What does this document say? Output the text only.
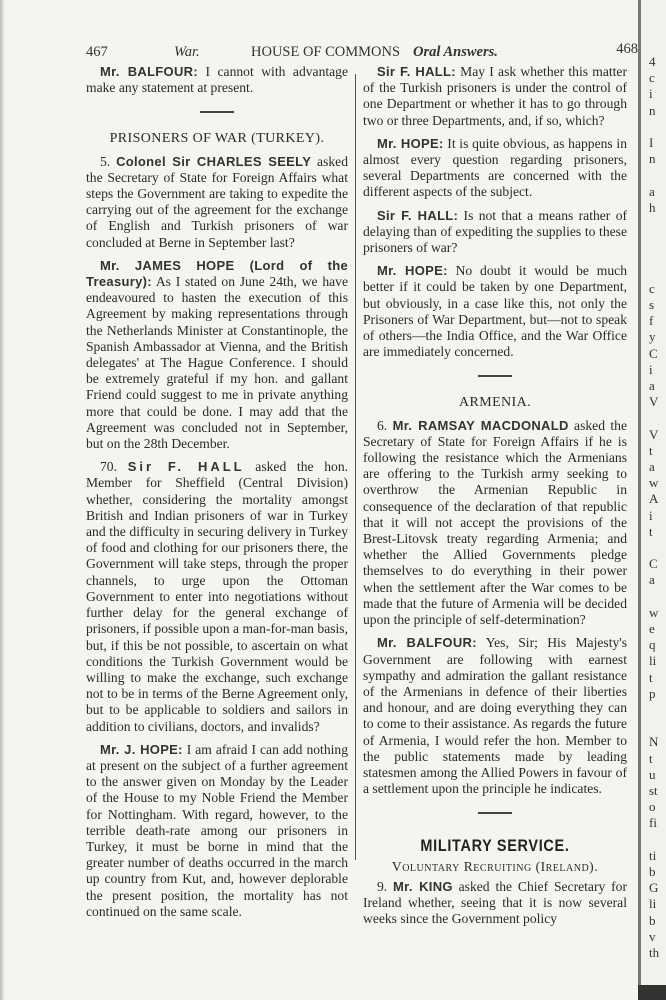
467	War.	HOUSE OF COMMONS Oral Answers.	468

Mr. BALFOUR: I cannot with advantage make any statement at present.

PRISONERS OF WAR (TURKEY).

5. Colonel Sir CHARLES SEELY asked the Secretary of State for Foreign Affairs what steps the Government are taking to expedite the carrying out of the agreement for the exchange of English and Turkish prisoners of war concluded at Berne in September last?

Mr. JAMES HOPE (Lord of the Treasury): As I stated on June 24th, we have endeavoured to hasten the execution of this Agreement by making representations through the Netherlands Minister at Constantinople, the Spanish Ambassador at Vienna, and the British delegates' at The Hague Conference. I should be extremely grateful if my hon. and gallant Friend could suggest to me in private anything more that could be done. I may add that the Agreement was concluded not in September, but on the 28th December.

70. Sir F. HALL asked the hon. Member for Sheffield (Central Division) whether, considering the mortality amongst British and Indian prisoners of war in Turkey and the difficulty in securing delivery in Turkey of food and clothing for our prisoners there, the Government will take steps, through the proper channels, to urge upon the Ottoman Government to enter into negotiations without further delay for the general exchange of prisoners, if possible upon a man-for-man basis, but, if this be not possible, to ascertain on what conditions the Turkish Government would be willing to make the exchange, such exchange not to be in terms of the Berne Agreement only, but to be applicable to soldiers and sailors in addition to civilians, doctors, and invalids?

Mr. J. HOPE: I am afraid I can add nothing at present on the subject of a further agreement to the answer given on Monday by the Leader of the House to my Noble Friend the Member for Nottingham. With regard, however, to the terrible death-rate among our prisoners in Turkey, it must be borne in mind that the greater number of deaths occurred in the march up country from Kut, and, however deplorable the present position, the mortality has not continued on the same scale.

Sir F. HALL: May I ask whether this matter of the Turkish prisoners is under the control of one Department or whether it has to go through two or three Departments, and, if so, which?

Mr. HOPE: It is quite obvious, as happens in almost every question regarding prisoners, several Departments are concerned with the different aspects of the subject.

Sir F. HALL: Is not that a means rather of delaying than of expediting the supplies to these prisoners of war?

Mr. HOPE: No doubt it would be much better if it could be taken by one Department, but obviously, in a case like this, not only the Prisoners of War Department, but—not to speak of others—the India Office, and the War Office are immediately concerned.

ARMENIA.

6. Mr. RAMSAY MACDONALD asked the Secretary of State for Foreign Affairs if he is following the resistance which the Armenians are offering to the Turkish army seeking to overthrow the Armenian Republic in consequence of the declaration of that republic that it will not accept the provisions of the Brest-Litovsk treaty regarding Armenia; and whether the Allied Governments pledge themselves to do everything in their power when the settlement after the War comes to be made that the future of Armenia will be decided upon the principle of self-determination?

Mr. BALFOUR: Yes, Sir; His Majesty's Government are following with earnest sympathy and admiration the gallant resistance of the Armenians in defence of their liberties and honour, and are doing everything they can to come to their assistance. As regards the future of Armenia, I would refer the hon. Member to the public statements made by leading statesmen among the Allied Powers in favour of a settlement upon the principle he indicates.

MILITARY SERVICE.

Voluntary Recruiting (Ireland).

9. Mr. KING asked the Chief Secretary for Ireland whether, seeing that it is now several weeks since the Government policy

4
c
i
n
I
n
a
h
c
s
f
y
C
i
a
V
V
t
a
w
A
i
t
C
a
w
e
q
li
t
p
N
t
u
st
o
fi
ti
b
G
li
b
v
th
